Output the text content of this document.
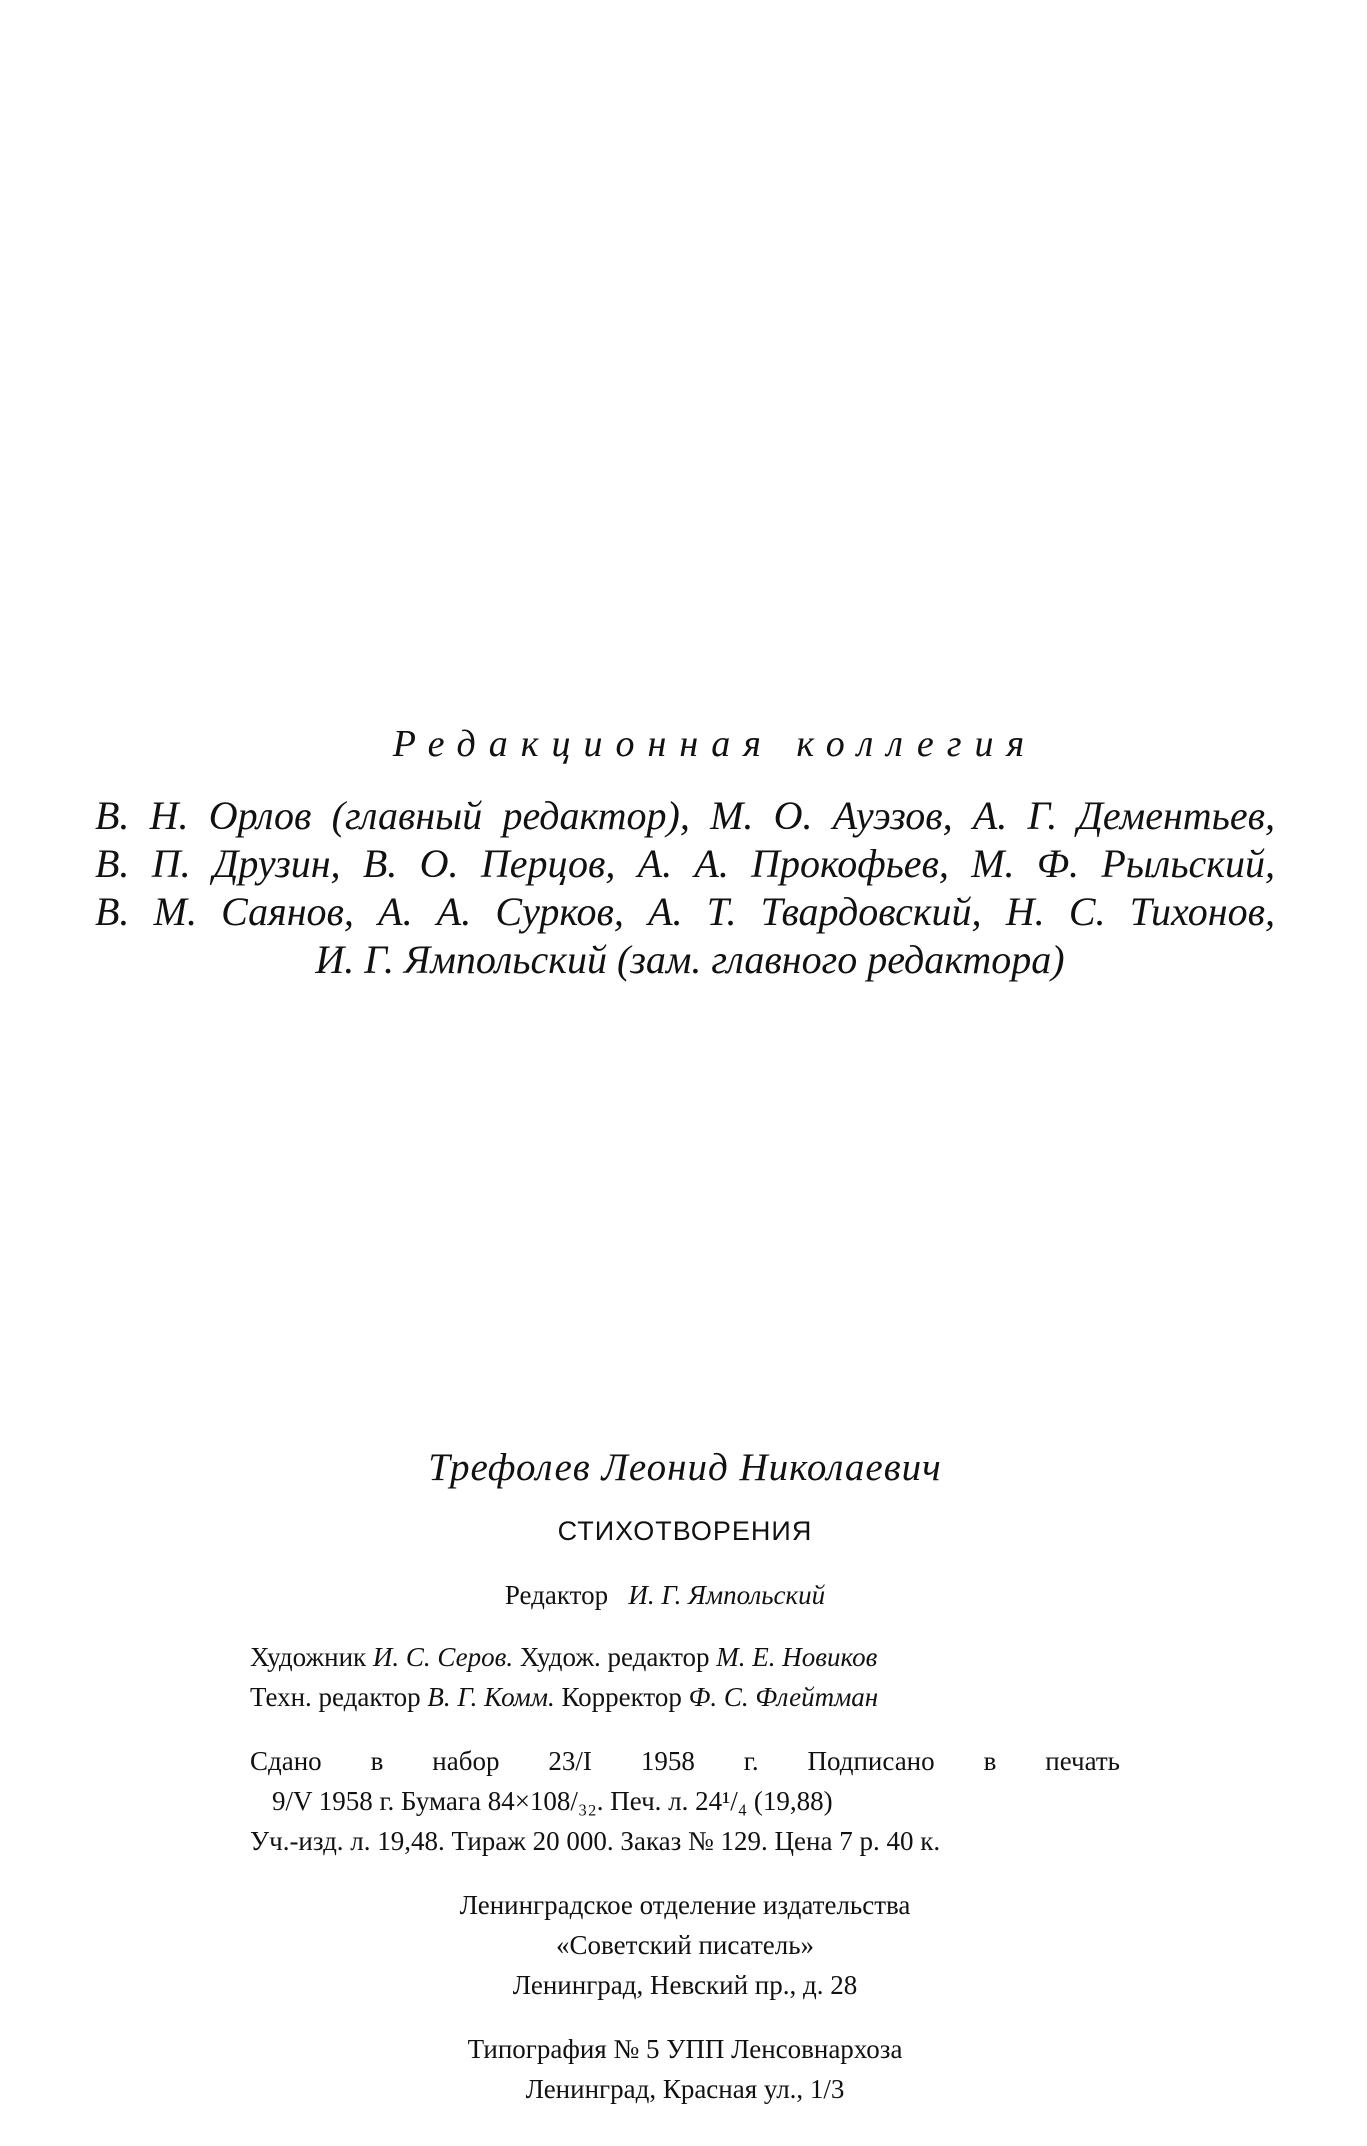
Редакционная коллегия

В. Н. Орлов (главный редактор), М. О. Ауэзов, А. Г. Дементьев,

В. П. Друзин, В. О. Перцов, А. А. Прокофьев, М. Ф. Рыльский,

В. М. Саянов, А. А. Сурков, А. Т. Твардовский, Н. С. Тихонов,

И. Г. Ямпольский (зам. главного редактора)

Трефолев Леонид Николаевич

СТИХОТВОРЕНИЯ

Редактор И. Г. Ямпольский

Художник И. С. Серов. Худож. редактор М. Е. Новиков

Техн. редактор В. Г. Комм. Корректор Ф. С. Флейтман

Сдано в набор 23/I 1958 г. Подписано в печать

9/V 1958 г. Бумага 84×108/₃₂. Печ. л. 24¹/₄ (19,88)

Уч.-изд. л. 19,48. Тираж 20 000. Заказ № 129. Цена 7 р. 40 к.

Ленинградское отделение издательства

«Советский писатель»

Ленинград, Невский пр., д. 28

Типография № 5 УПП Ленсовнархоза

Ленинград, Красная ул., 1/3
